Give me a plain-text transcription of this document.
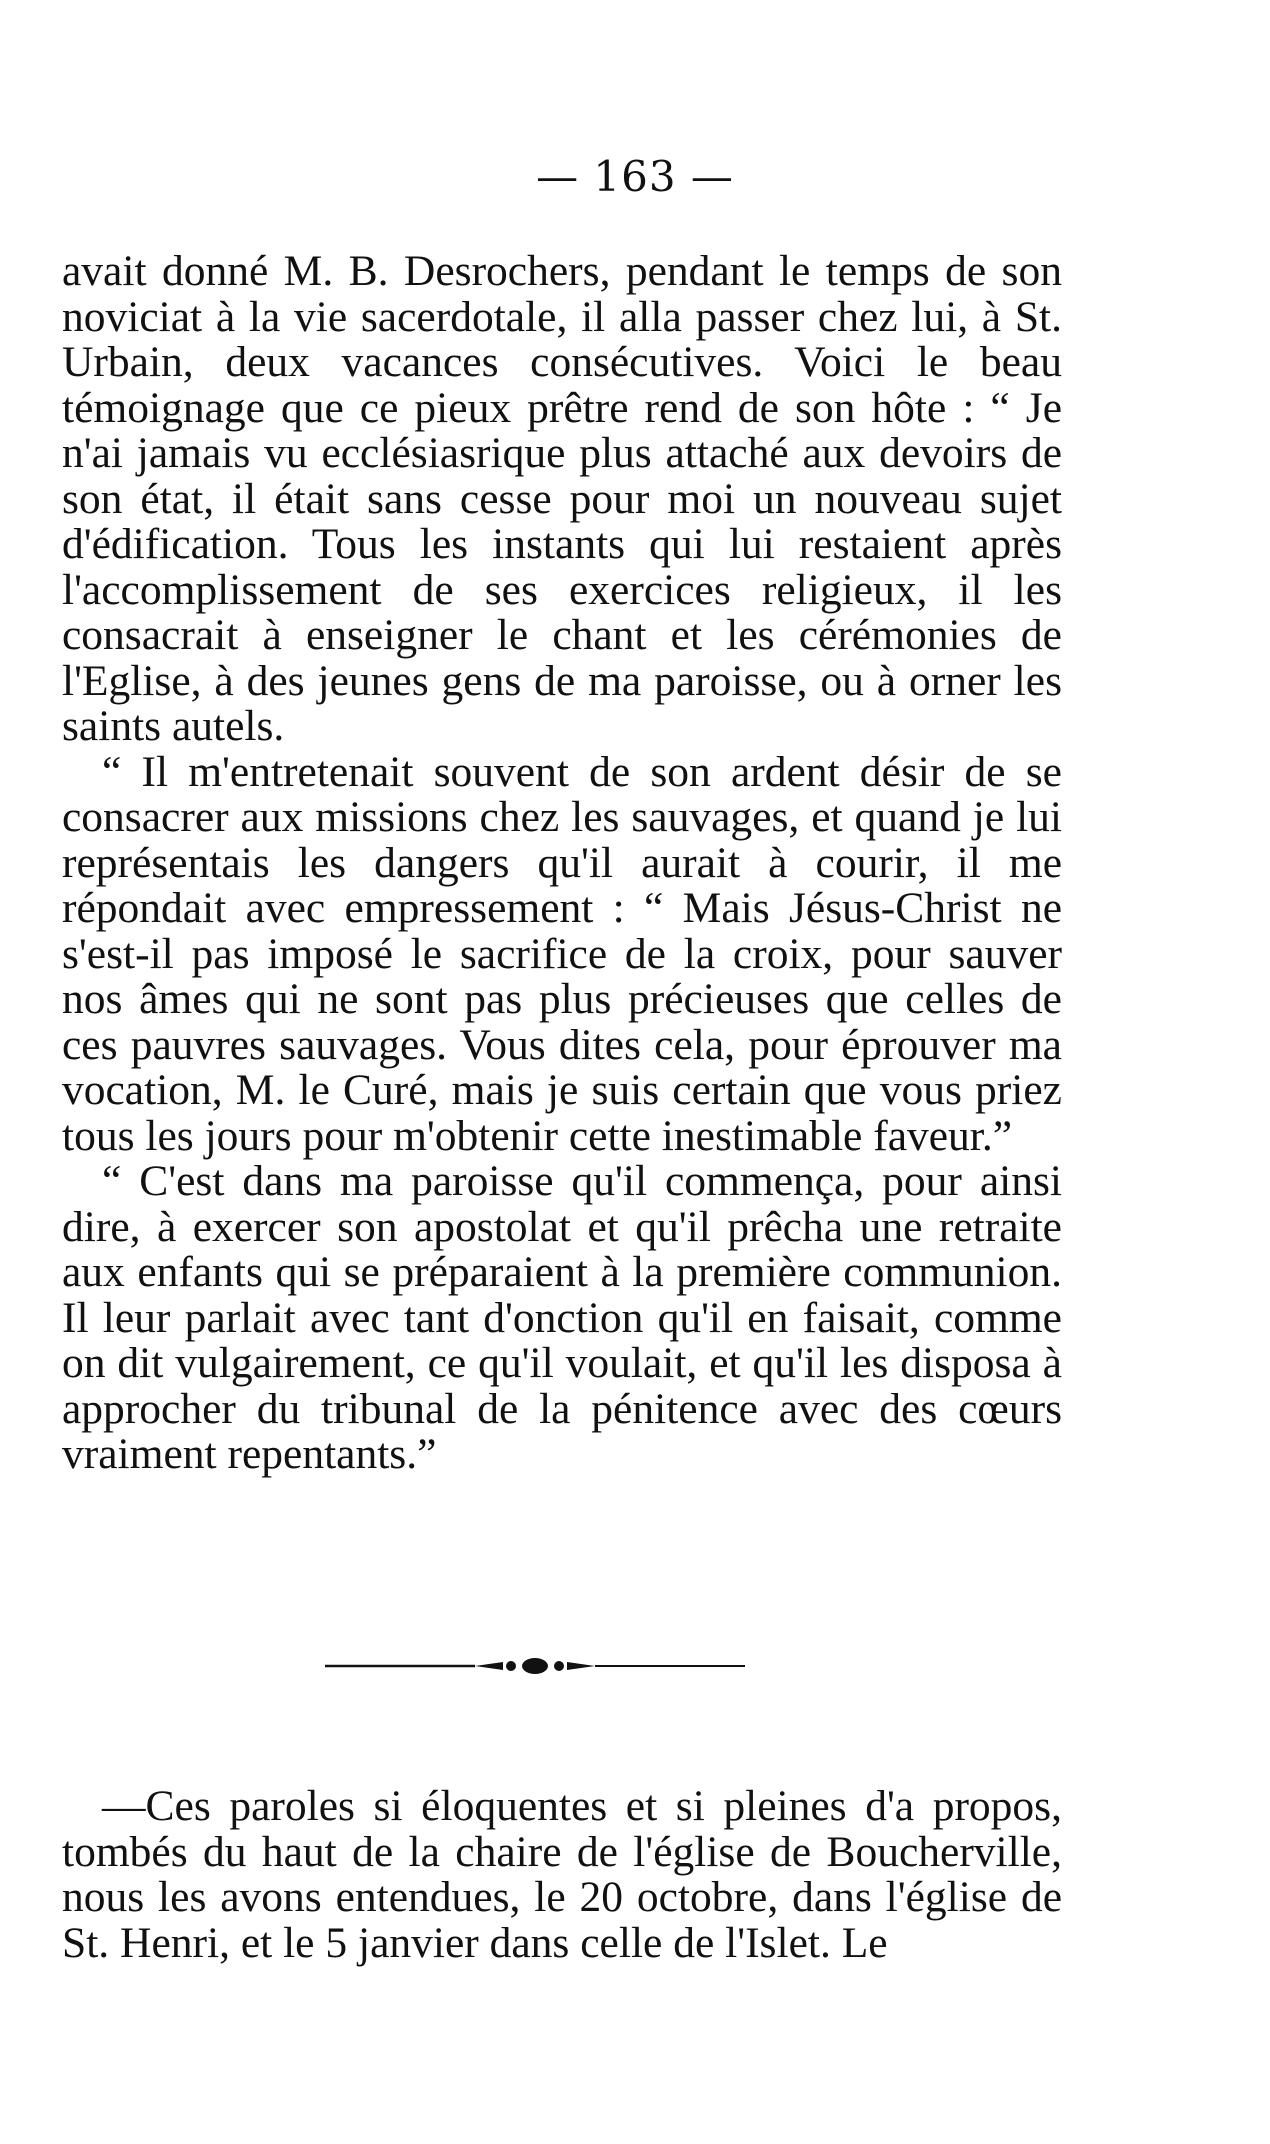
— 163 —

avait donné M. B. Desrochers, pendant le temps de son noviciat à la vie sacerdotale, il alla passer chez lui, à St. Urbain, deux vacances consécutives. Voici le beau témoignage que ce pieux prêtre rend de son hôte : “ Je n'ai jamais vu ecclésiasrique plus attaché aux devoirs de son état, il était sans cesse pour moi un nouveau sujet d'édification. Tous les instants qui lui restaient après l'accomplissement de ses exercices religieux, il les consacrait à enseigner le chant et les cérémonies de l'Eglise, à des jeunes gens de ma paroisse, ou à orner les saints autels.

“ Il m'entretenait souvent de son ardent désir de se consacrer aux missions chez les sauvages, et quand je lui représentais les dangers qu'il aurait à courir, il me répondait avec empressement : “ Mais Jésus-Christ ne s'est-il pas imposé le sacrifice de la croix, pour sauver nos âmes qui ne sont pas plus précieuses que celles de ces pauvres sauvages. Vous dites cela, pour éprouver ma vocation, M. le Curé, mais je suis certain que vous priez tous les jours pour m'obtenir cette inestimable faveur.”

“ C'est dans ma paroisse qu'il commença, pour ainsi dire, à exercer son apostolat et qu'il prêcha une retraite aux enfants qui se préparaient à la première communion. Il leur parlait avec tant d'onction qu'il en faisait, comme on dit vulgairement, ce qu'il voulait, et qu'il les disposa à approcher du tribunal de la pénitence avec des cœurs vraiment repentants.”

—Ces paroles si éloquentes et si pleines d'a propos, tombés du haut de la chaire de l'église de Boucherville, nous les avons entendues, le 20 octobre, dans l'église de St. Henri, et le 5 janvier dans celle de l'Islet. Le
